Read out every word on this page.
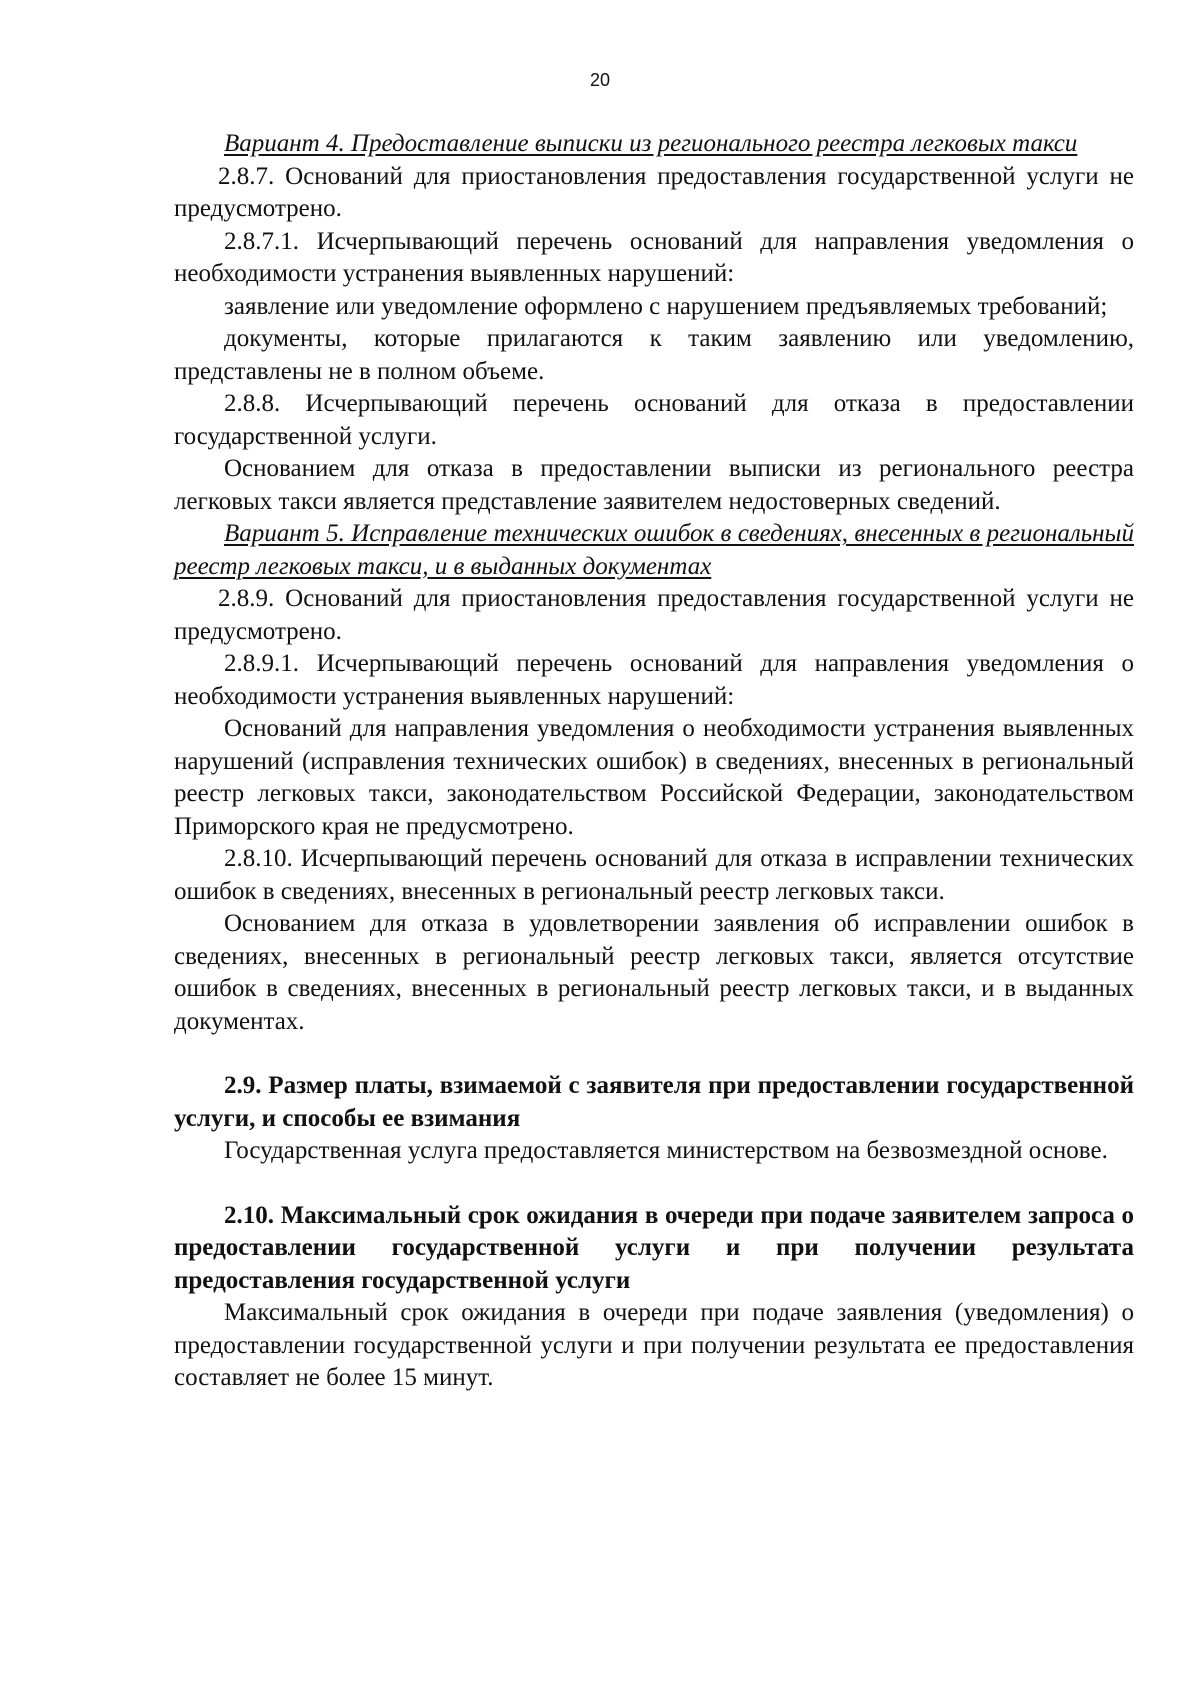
20

Вариант 4. Предоставление выписки из регионального реестра легковых такси

2.8.7. Оснований для приостановления предоставления государственной услуги не предусмотрено.

2.8.7.1. Исчерпывающий перечень оснований для направления уведомления о необходимости устранения выявленных нарушений:

заявление или уведомление оформлено с нарушением предъявляемых требований;

документы, которые прилагаются к таким заявлению или уведомлению, представлены не в полном объеме.

2.8.8. Исчерпывающий перечень оснований для отказа в предоставлении государственной услуги.

Основанием для отказа в предоставлении выписки из регионального реестра легковых такси является представление заявителем недостоверных сведений.

Вариант 5. Исправление технических ошибок в сведениях, внесенных в региональный реестр легковых такси, и в выданных документах

2.8.9. Оснований для приостановления предоставления государственной услуги не предусмотрено.

2.8.9.1. Исчерпывающий перечень оснований для направления уведомления о необходимости устранения выявленных нарушений:

Оснований для направления уведомления о необходимости устранения выявленных нарушений (исправления технических ошибок) в сведениях, внесенных в региональный реестр легковых такси, законодательством Российской Федерации, законодательством Приморского края не предусмотрено.

2.8.10. Исчерпывающий перечень оснований для отказа в исправлении технических ошибок в сведениях, внесенных в региональный реестр легковых такси.

Основанием для отказа в удовлетворении заявления об исправлении ошибок в сведениях, внесенных в региональный реестр легковых такси, является отсутствие ошибок в сведениях, внесенных в региональный реестр легковых такси, и в выданных документах.

2.9. Размер платы, взимаемой с заявителя при предоставлении государственной услуги, и способы ее взимания

Государственная услуга предоставляется министерством на безвозмездной основе.

2.10. Максимальный срок ожидания в очереди при подаче заявителем запроса о предоставлении государственной услуги и при получении результата предоставления государственной услуги

Максимальный срок ожидания в очереди при подаче заявления (уведомления) о предоставлении государственной услуги и при получении результата ее предоставления составляет не более 15 минут.
